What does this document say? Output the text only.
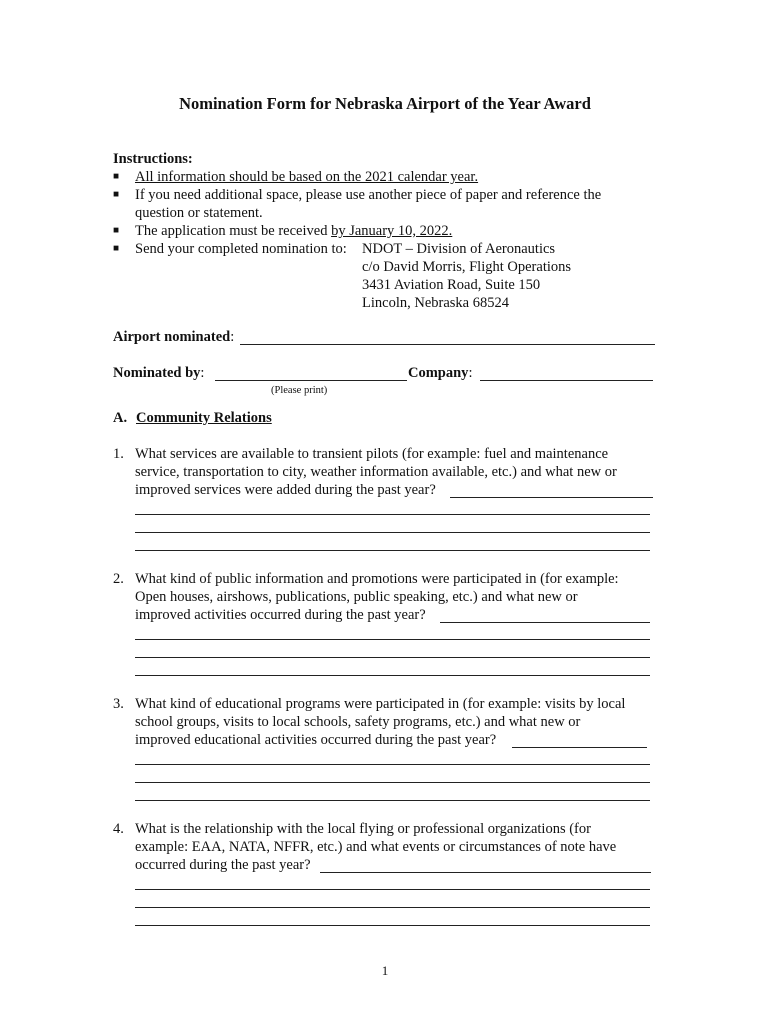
Nomination Form for Nebraska Airport of the Year Award
Instructions:
■ All information should be based on the 2021 calendar year.
■ If you need additional space, please use another piece of paper and reference the
question or statement.
■ The application must be received by January 10, 2022.
■ Send your completed nomination to: NDOT – Division of Aeronautics
c/o David Morris, Flight Operations
3431 Aviation Road, Suite 150
Lincoln, Nebraska 68524
Airport nominated:
Nominated by:	Company:
(Please print)
A. Community Relations
1. What services are available to transient pilots (for example: fuel and maintenance
service, transportation to city, weather information available, etc.) and what new or
improved services were added during the past year?
2. What kind of public information and promotions were participated in (for example:
Open houses, airshows, publications, public speaking, etc.) and what new or
improved activities occurred during the past year?
3. What kind of educational programs were participated in (for example: visits by local
school groups, visits to local schools, safety programs, etc.) and what new or
improved educational activities occurred during the past year?
4. What is the relationship with the local flying or professional organizations (for
example: EAA, NATA, NFFR, etc.) and what events or circumstances of note have
occurred during the past year?
1
